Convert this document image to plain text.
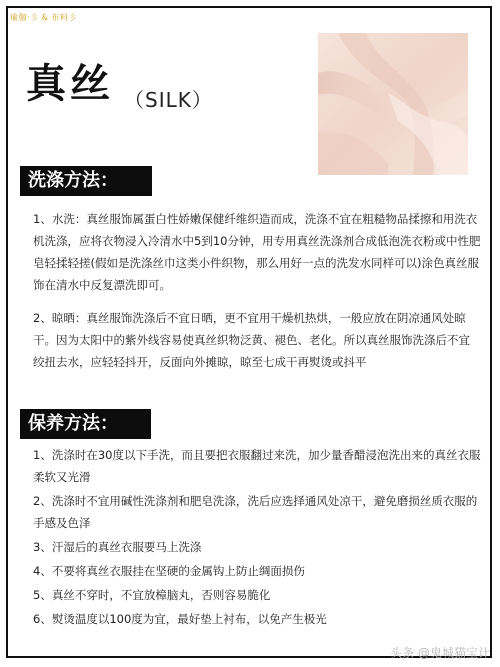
瑜伽·彡 & 布料彡
真丝 （SILK）
洗涤方法：

1、水洗：真丝服饰属蛋白性娇嫩保健纤维织造而成，洗涤不宜在粗糙物品揉擦和用洗衣机洗涤，应将衣物浸入冷清水中5到10分钟，用专用真丝洗涤剂合成低泡洗衣粉或中性肥皂轻揉轻搓(假如是洗涤丝巾这类小件织物，那么用好一点的洗发水同样可以)涂色真丝服饰在清水中反复漂洗即可。

2、晾晒：真丝服饰洗涤后不宜日晒，更不宜用干燥机热烘，一般应放在阴凉通风处晾干。因为太阳中的紫外线容易使真丝织物泛黄、褪色、老化。所以真丝服饰洗涤后不宜绞扭去水，应轻轻抖开，反面向外摊晾，晾至七成干再熨烫或抖平

保养方法：
1、洗涤时在30度以下手洗，而且要把衣服翻过来洗，加少量香醋浸泡洗出来的真丝衣服柔软又光滑
2、洗涤时不宜用碱性洗涤剂和肥皂洗涤，洗后应选择通风处凉干，避免磨损丝质衣服的手感及色泽
3、汗湿后的真丝衣服要马上洗涤
4、不要将真丝衣服挂在坚硬的金属钩上防止绸面损伤
5、真丝不穿时，不宜放樟脑丸，否则容易脆化
6、熨烫温度以100度为宜，最好垫上衬布，以免产生极光
头条 @鬼城猫宝计
